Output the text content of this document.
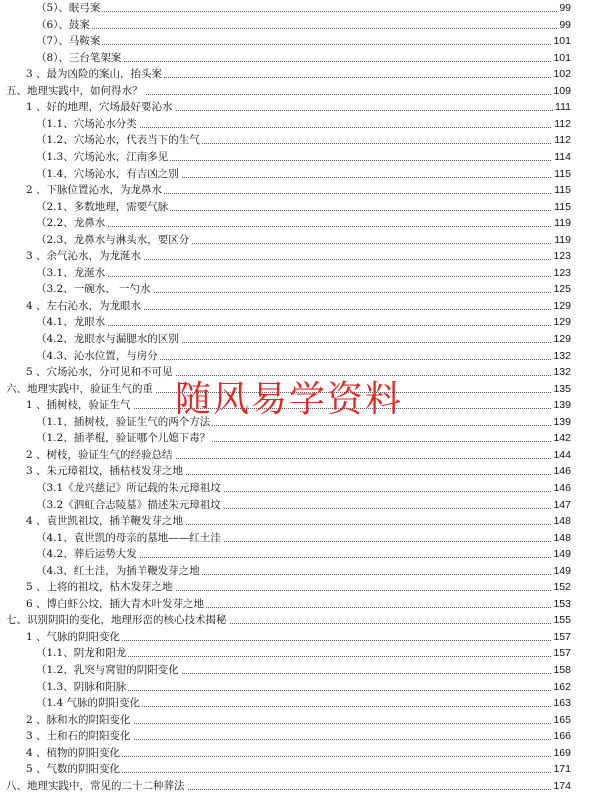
（5）、眠弓案	99
（6）、鼓案	99
（7）、马鞍案	101
（8）、三台笔架案	101
3 、最为凶险的案山，抬头案	102
五、地理实践中，如何得水？	109
1 、好的地理，穴场最好要沁水	111
（1.1、穴场沁水分类	112
（1.2、穴场沁水，代表当下的生气	112
（1.3、穴场沁水，江南多见	114
（1.4、穴场沁水，有吉凶之别	115
2 、下脉位置沁水，为龙鼻水	115
（2.1、多数地理，需要气脉	115
（2.2、龙鼻水	119
（2.3、龙鼻水与淋头水，要区分	119
3 、余气沁水，为龙涎水	123
（3.1、龙涎水	123
（3.2、一碗水、 一勺水	125
4 、左右沁水，为龙眼水	129
（4.1、龙眼水	129
（4.2、龙眼水与漏腮水的区别	129
（4.3、沁水位置，与房分	132
5 、穴场沁水，分可见和不可见	132
六、地理实践中，验证生气的重	135
1 、插树枝，验证生气	139
（1.1、插树枝，验证生气的两个方法	139
（1.2、插孝棍，验证哪个儿媳下毒？	142
2 、树枝，验证生气的经验总结	144
3 、朱元璋祖坟，插枯枝发芽之地	146
（3.1《龙兴慈记》所记载的朱元璋祖坟	146
（3.2《泗虹合志陵墓》描述朱元璋祖坟	147
4 、袁世凯祖坟，插羊鞭发芽之地	148
（4.1、袁世凯的母亲的墓地——红土洼	148
（4.2、葬后运势大发	149
（4.3、红土洼，为插羊鞭发芽之地	149
5 、上将的祖坟，枯木发芽之地	152
6 、博白虾公坟，插大青木叶发芽之地	153
七、识别阴阳的变化，地理形峦的核心技术揭秘	155
1 、气脉的阴阳变化	157
（1.1、阴龙和阳龙	157
（1.2、乳突与窝钳的阴阳变化	158
（1.3、阴脉和阳脉	162
（1.4 气脉的阴阳变化	163
2 、脉和水的阴阳变化	165
3 、土和石的阴阳变化	166
4 、植物的阴阳变化	169
5 、气数的阴阳变化	171
八、地理实践中，常见的二十二种葬法	174
随风易学资料
